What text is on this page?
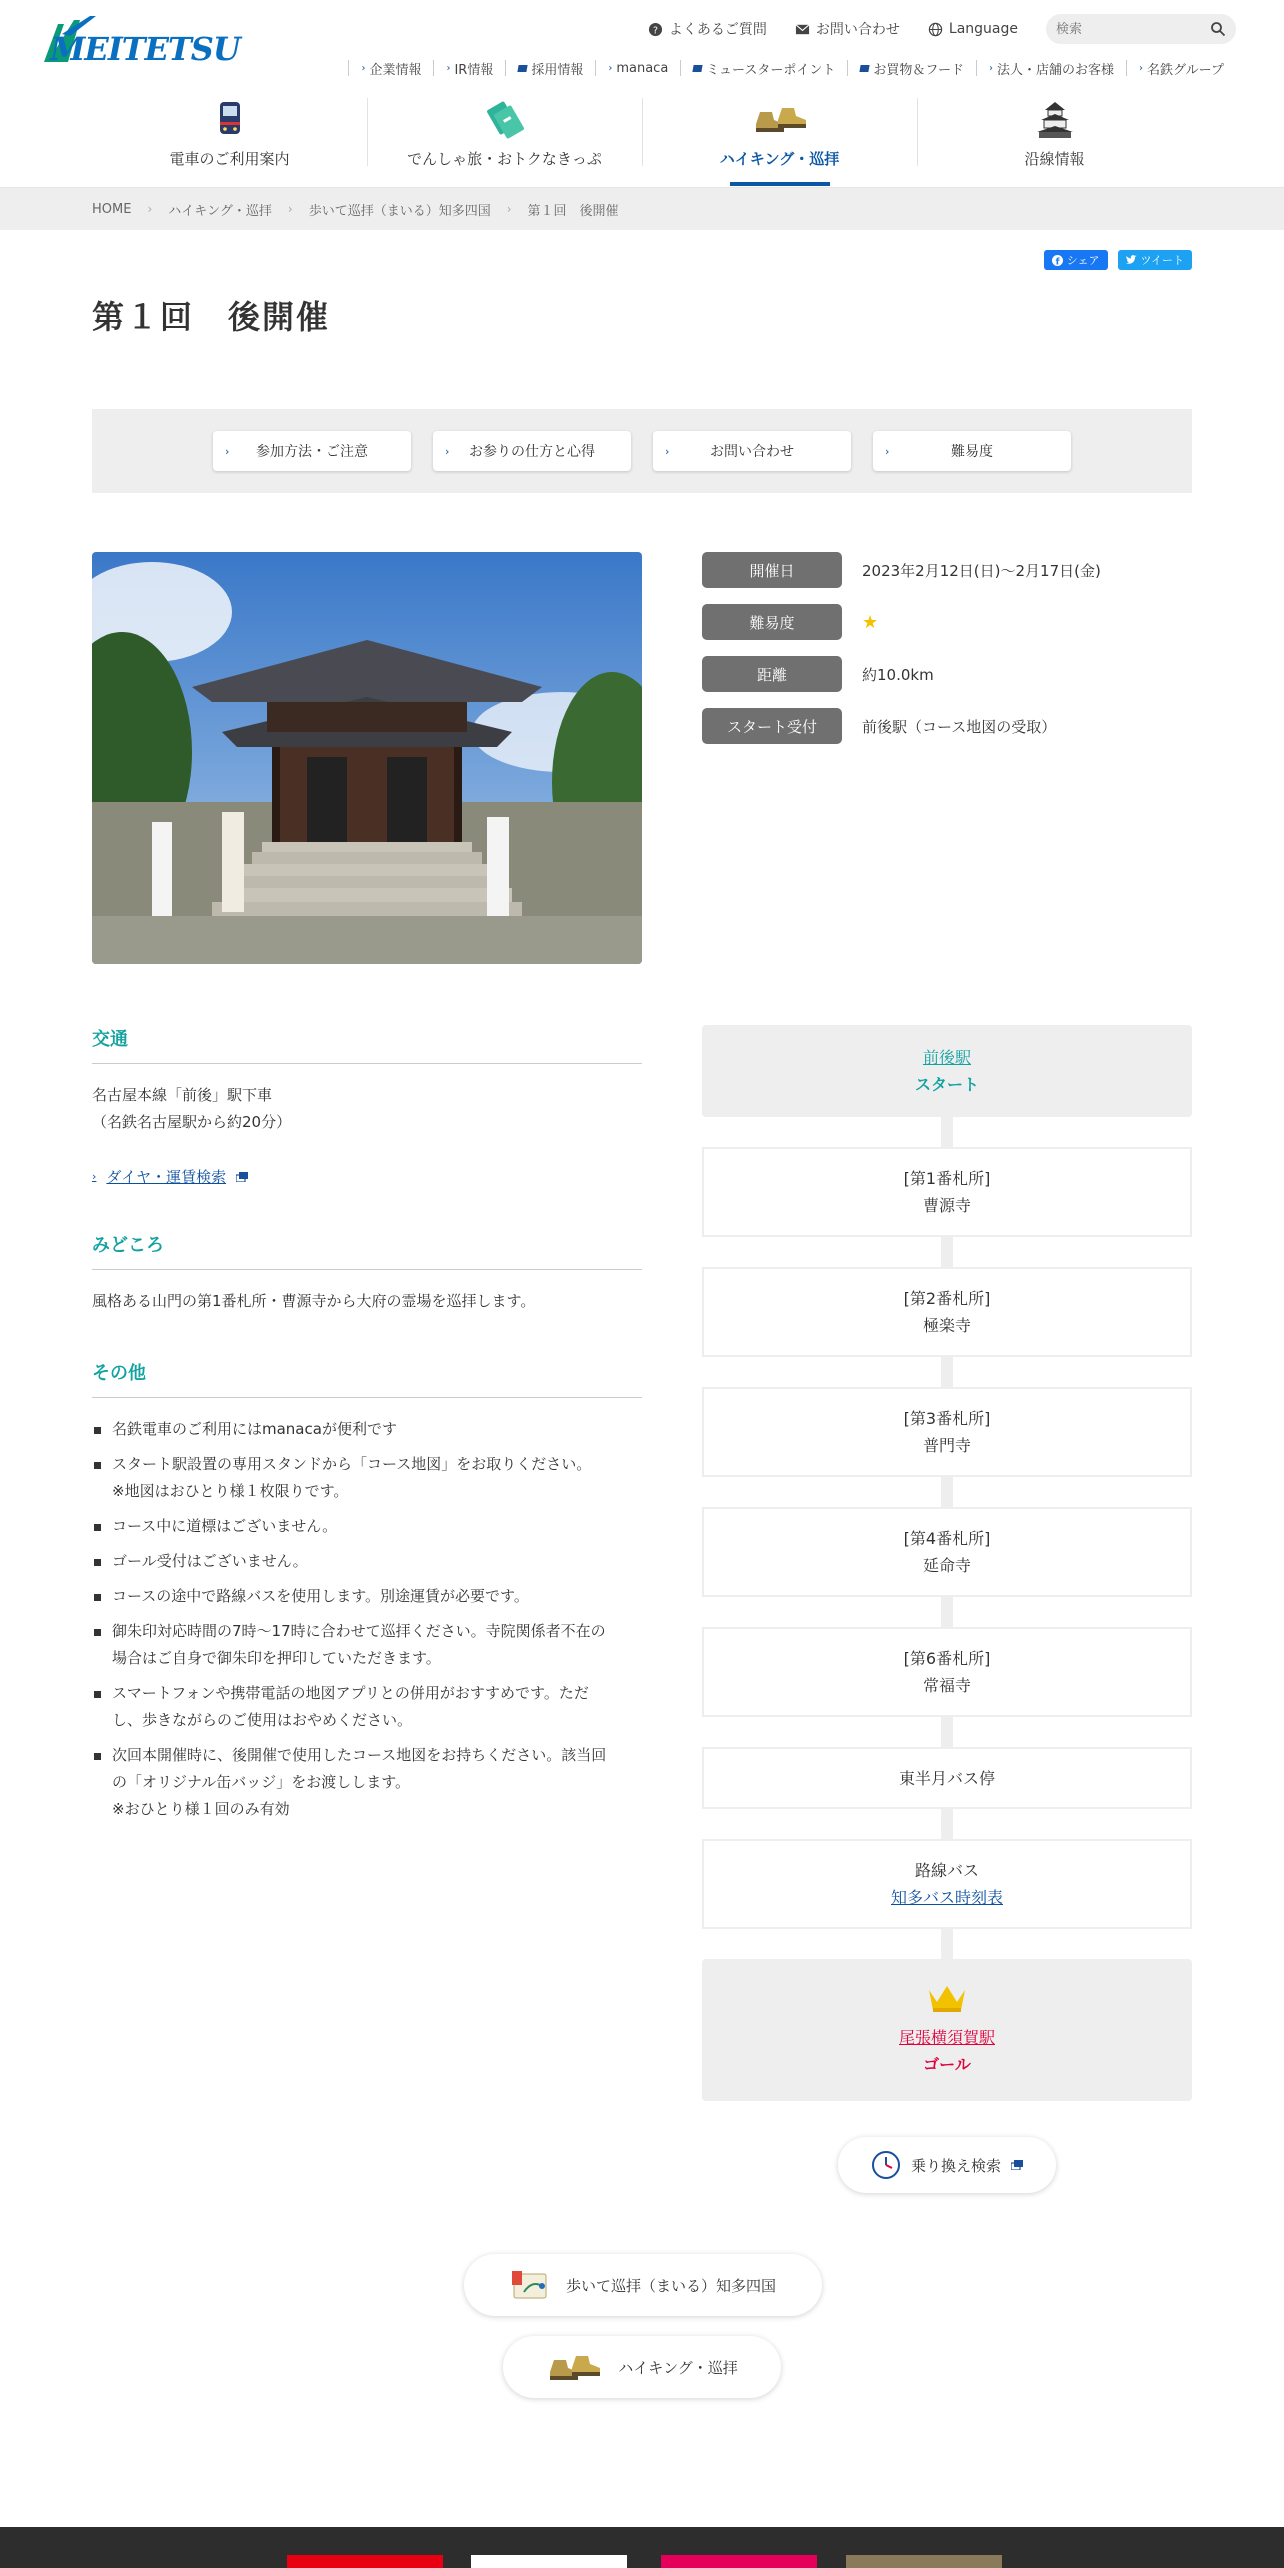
MEITETSU	? よくあるご質問	お問い合わせ	Language
検索
› 企業情報	› IR情報	採用情報	› manaca	ミュースターポイント	お買物＆フード	› 法人・店舗のお客様	› 名鉄グループ
電車のご利用案内	でんしゃ旅・おトクなきっぷ	ハイキング・巡拝	沿線情報
HOME › ハイキング・巡拝 › 歩いて巡拝（まいる）知多四国 › 第１回　後開催
f シェア	ツイート
第１回　後開催
›	参加方法・ご注意	›	お参りの仕方と心得	›	お問い合わせ	›	難易度
開催日	2023年2月12日(日)〜2月17日(金)
難易度	★
距離	約10.0km
スタート受付	前後駅（コース地図の受取）
交通

名古屋本線「前後」駅下車

（名鉄名古屋駅から約20分）

› ダイヤ・運賃検索
みどころ

風格ある山門の第1番札所・曹源寺から大府の霊場を巡拝します。

その他
名鉄電車のご利用にはmanacaが便利です
スタート駅設置の専用スタンドから「コース地図」をお取りください。
※地図はおひとり様１枚限りです。
コース中に道標はございません。
ゴール受付はございません。
コースの途中で路線バスを使用します。別途運賃が必要です。
御朱印対応時間の7時〜17時に合わせて巡拝ください。寺院関係者不在の
場合はご自身で御朱印を押印していただきます。
スマートフォンや携帯電話の地図アプリとの併用がおすすめです。ただ
し、歩きながらのご使用はおやめください。
次回本開催時に、後開催で使用したコース地図をお持ちください。該当回
の「オリジナル缶バッジ」をお渡しします。
※おひとり様１回のみ有効
前後駅
スタート
[第1番札所]
曹源寺
[第2番札所]
極楽寺
[第3番札所]
普門寺
[第4番札所]
延命寺
[第6番札所]
常福寺
東半月バス停
路線バス
知多バス時刻表
尾張横須賀駅
ゴール
乗り換え検索
歩いて巡拝（まいる）知多四国
ハイキング・巡拝
